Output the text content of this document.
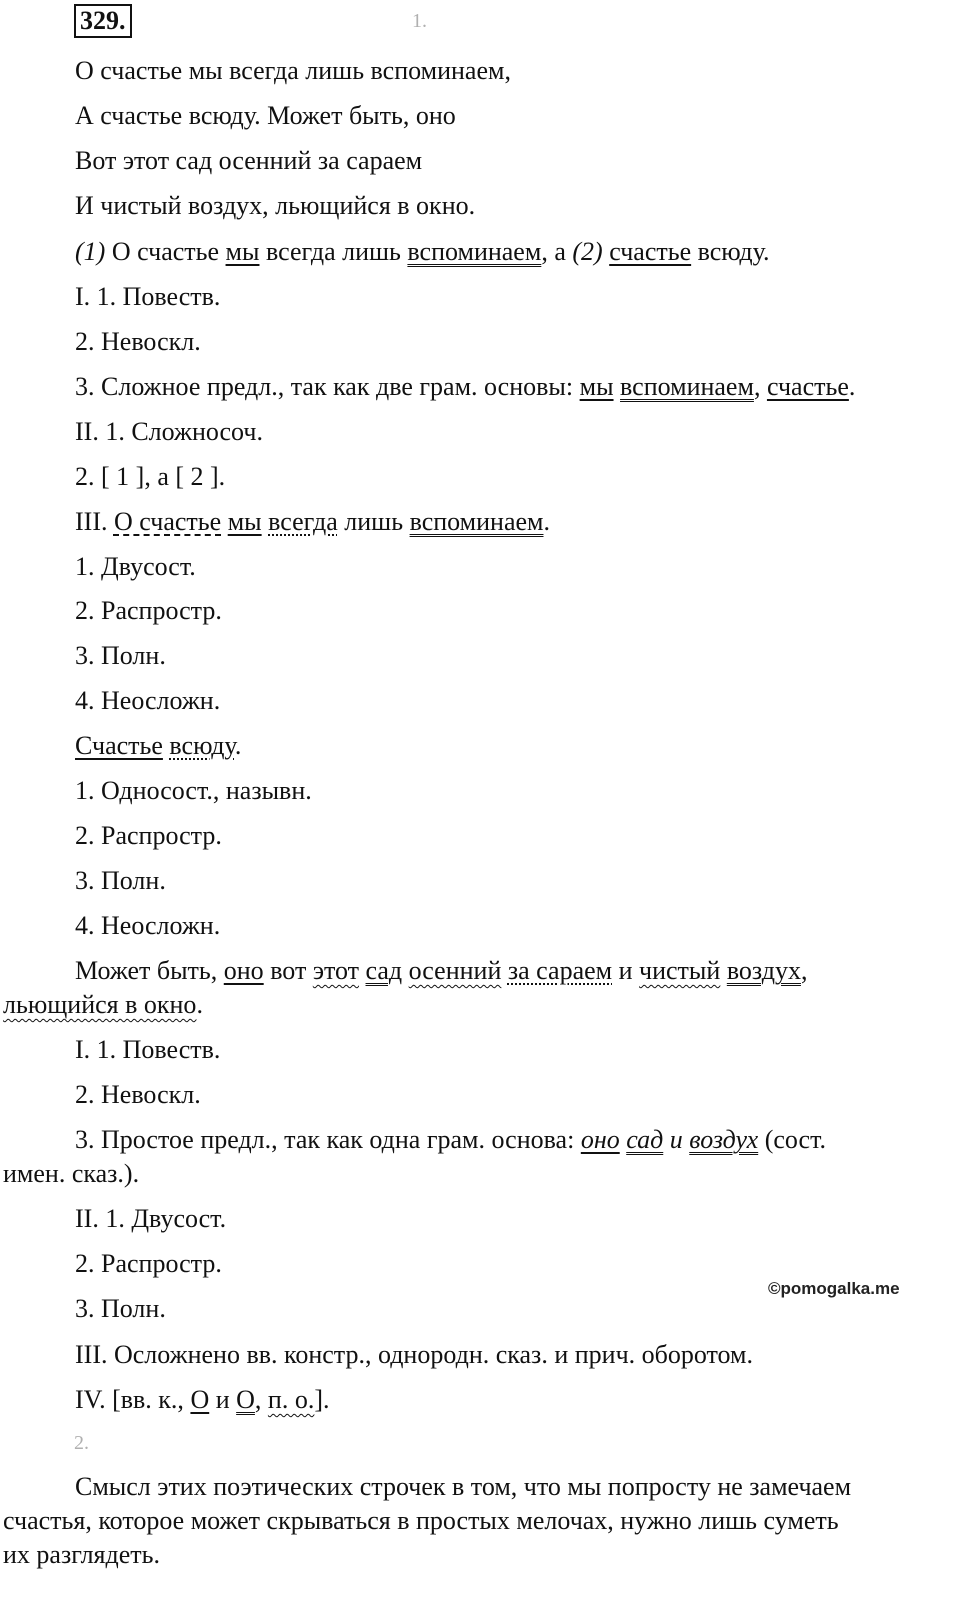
329.	1.
О счастье мы всегда лишь вспоминаем,
А счастье всюду. Может быть, оно
Вот этот сад осенний за сараем
И чистый воздух, льющийся в окно.
(1) О счастье мы всегда лишь вспоминаем, а (2) счастье всюду.
I. 1. Повеств.
2. Невоскл.
3. Сложное предл., так как две грам. основы: мы вспоминаем, счастье.
II. 1. Сложносоч.
2. [ 1 ], а [ 2 ].
III. О счастье мы всегда лишь вспоминаем.
1. Двусост.
2. Распростр.
3. Полн.
4. Неосложн.
Счастье всюду.
1. Односост., назывн.
2. Распростр.
3. Полн.
4. Неосложн.
Может быть, оно вот этот сад осенний за сараем и чистый воздух,
льющийся в окно.
I. 1. Повеств.
2. Невоскл.
3. Простое предл., так как одна грам. основа: оно сад и воздух (сост.
имен. сказ.).
II. 1. Двусост.
2. Распростр.
3. Полн.
III. Осложнено вв. констр., однородн. сказ. и прич. оборотом.
IV. [вв. к., О и О, п. о.].
©pomogalka.me
2.
Смысл этих поэтических строчек в том, что мы попросту не замечаем
счастья, которое может скрываться в простых мелочах, нужно лишь суметь
их разглядеть.
